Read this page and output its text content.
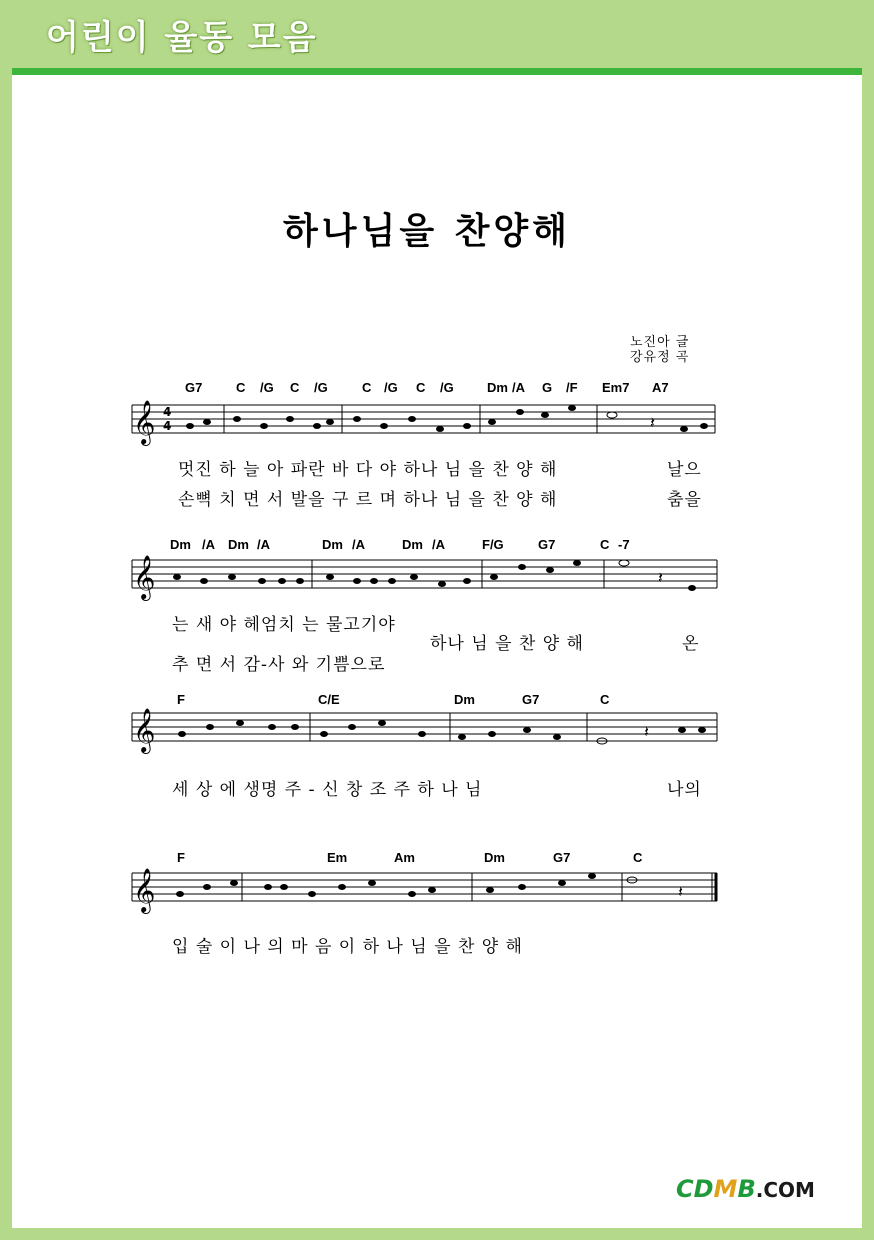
어린이 율동 모음
하나님을 찬양해
노진아 글
강유정 곡
𝄞
𝄞
𝄞
𝄞
4
4	𝄽
𝄽
𝄽
𝄽
G7	C /G C /G	C /G C /G	Dm /A G /F Em7 A7
멋진 하 늘 아 파란 바 다 야 하나 님 을 찬 양 해
손뼉 치 면 서 발을 구 르 며 하나 님 을 찬 양 해
날으
춤을
Dm /A Dm /A	Dm /A	Dm /A	F/G	G7	C -7
는 새 야 헤엄치 는 물고기야
추 면 서 감-사 와 기쁨으로
하나 님 을 찬 양 해	온
F	C/E	Dm	G7	C
세 상 에 생명 주 - 신 창 조 주 하 나 님	나의
F	Em	Am	Dm	G7	C
입 술 이 나 의 마 음 이 하 나 님 을 찬 양 해
CDMB.COM
